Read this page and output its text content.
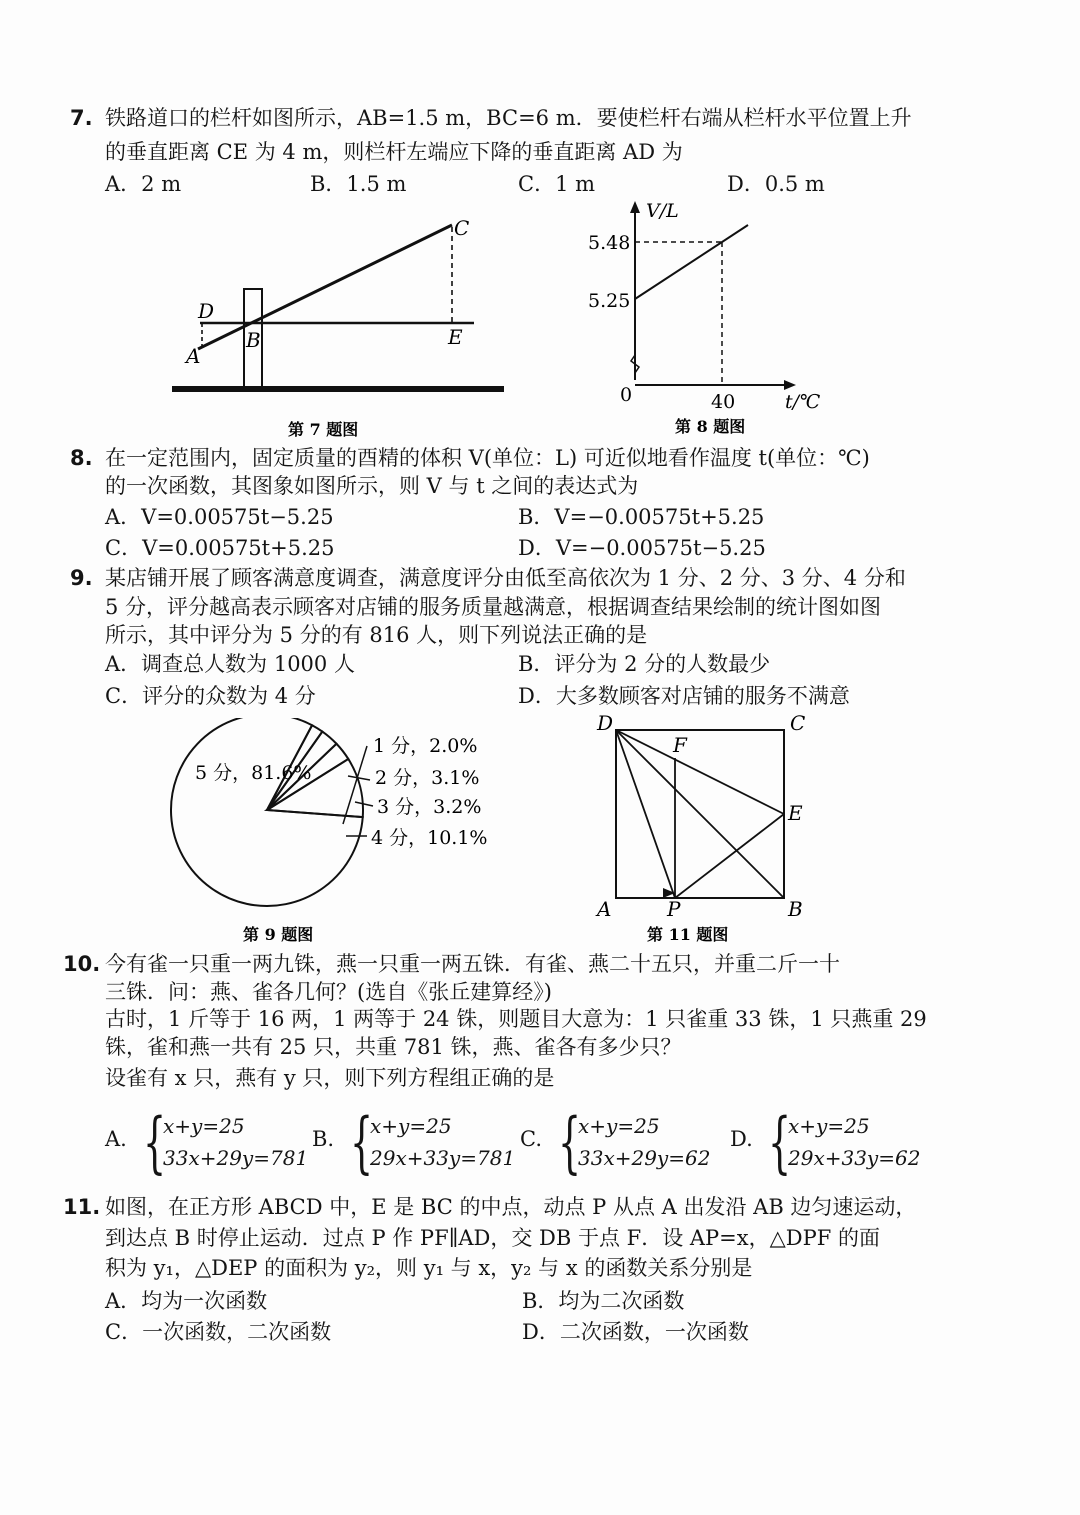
7. 铁路道口的栏杆如图所示，AB=1.5 m，BC=6 m．要使栏杆右端从栏杆水平位置上升
的垂直距离 CE 为 4 m，则栏杆左端应下降的垂直距离 AD 为
A．2 m	B．1.5 m	C．1 m	D．0.5 m
C
D
A
B	E
第 7 题图
V/L
5.48
5.25
0	40	t/℃
第 8 题图
8. 在一定范围内，固定质量的酉精的体积 V(单位：L) 可近似地看作温度 t(单位：℃)
的一次函数，其图象如图所示，则 V 与 t 之间的表达式为
A．V=0.00575t−5.25	B．V=−0.00575t+5.25
C．V=0.00575t+5.25	D．V=−0.00575t−5.25
9. 某店铺开展了顾客满意度调查，满意度评分由低至高依次为 1 分、2 分、3 分、4 分和
5 分，评分越高表示顾客对店铺的服务质量越满意，根据调查结果绘制的统计图如图
所示，其中评分为 5 分的有 816 人，则下列说法正确的是
A．调查总人数为 1000 人	B．评分为 2 分的人数最少
C．评分的众数为 4 分	D．大多数顾客对店铺的服务不满意
5 分，81.6%
1 分，2.0%
2 分，3.1%
3 分，3.2%
4 分，10.1%
第 9 题图
D	C
F
E
A	P	B
第 11 题图
10. 今有雀一只重一两九铢，燕一只重一两五铢．有雀、燕二十五只，并重二斤一十
三铢．问：燕、雀各几何？(选自《张丘建算经》)
古时，1 斤等于 16 两，1 两等于 24 铢，则题目大意为：1 只雀重 33 铢，1 只燕重 29
铢，雀和燕一共有 25 只，共重 781 铢，燕、雀各有多少只？
设雀有 x 只，燕有 y 只，则下列方程组正确的是
A. {
x+y=25
33x+29y=781
B. {
x+y=25
29x+33y=781
C. {
x+y=25
33x+29y=62
D. {
x+y=25
29x+33y=62
11. 如图，在正方形 ABCD 中，E 是 BC 的中点，动点 P 从点 A 出发沿 AB 边匀速运动，
到达点 B 时停止运动．过点 P 作 PF∥AD，交 DB 于点 F．设 AP=x，△DPF 的面
积为 y₁，△DEP 的面积为 y₂，则 y₁ 与 x，y₂ 与 x 的函数关系分别是
A．均为一次函数	B．均为二次函数
C．一次函数，二次函数	D．二次函数，一次函数
